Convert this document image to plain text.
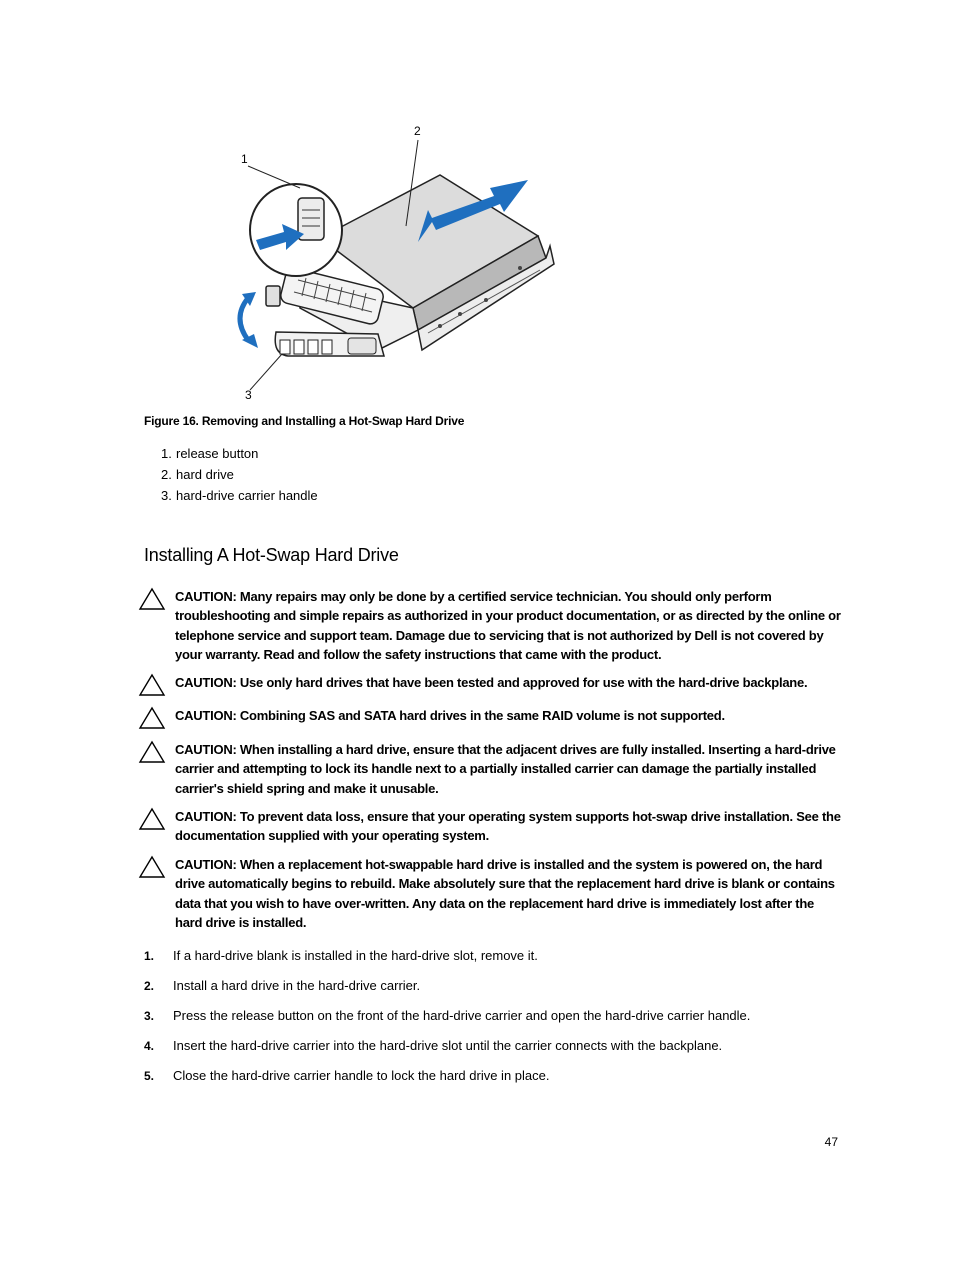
1
2
3
Figure 16. Removing and Installing a Hot-Swap Hard Drive
1. release button
2. hard drive
3. hard-drive carrier handle
Installing A Hot-Swap Hard Drive

CAUTION: Many repairs may only be done by a certified service technician. You should only perform troubleshooting and simple repairs as authorized in your product documentation, or as directed by the online or telephone service and support team. Damage due to servicing that is not authorized by Dell is not covered by your warranty. Read and follow the safety instructions that came with the product.

CAUTION: Use only hard drives that have been tested and approved for use with the hard-drive backplane.

CAUTION: Combining SAS and SATA hard drives in the same RAID volume is not supported.

CAUTION: When installing a hard drive, ensure that the adjacent drives are fully installed. Inserting a hard-drive carrier and attempting to lock its handle next to a partially installed carrier can damage the partially installed carrier's shield spring and make it unusable.

CAUTION: To prevent data loss, ensure that your operating system supports hot-swap drive installation. See the documentation supplied with your operating system.

CAUTION: When a replacement hot-swappable hard drive is installed and the system is powered on, the hard drive automatically begins to rebuild. Make absolutely sure that the replacement hard drive is blank or contains data that you wish to have over-written. Any data on the replacement hard drive is immediately lost after the hard drive is installed.

1. If a hard-drive blank is installed in the hard-drive slot, remove it.
2. Install a hard drive in the hard-drive carrier.
3. Press the release button on the front of the hard-drive carrier and open the hard-drive carrier handle.
4. Insert the hard-drive carrier into the hard-drive slot until the carrier connects with the backplane.
5. Close the hard-drive carrier handle to lock the hard drive in place.
47
